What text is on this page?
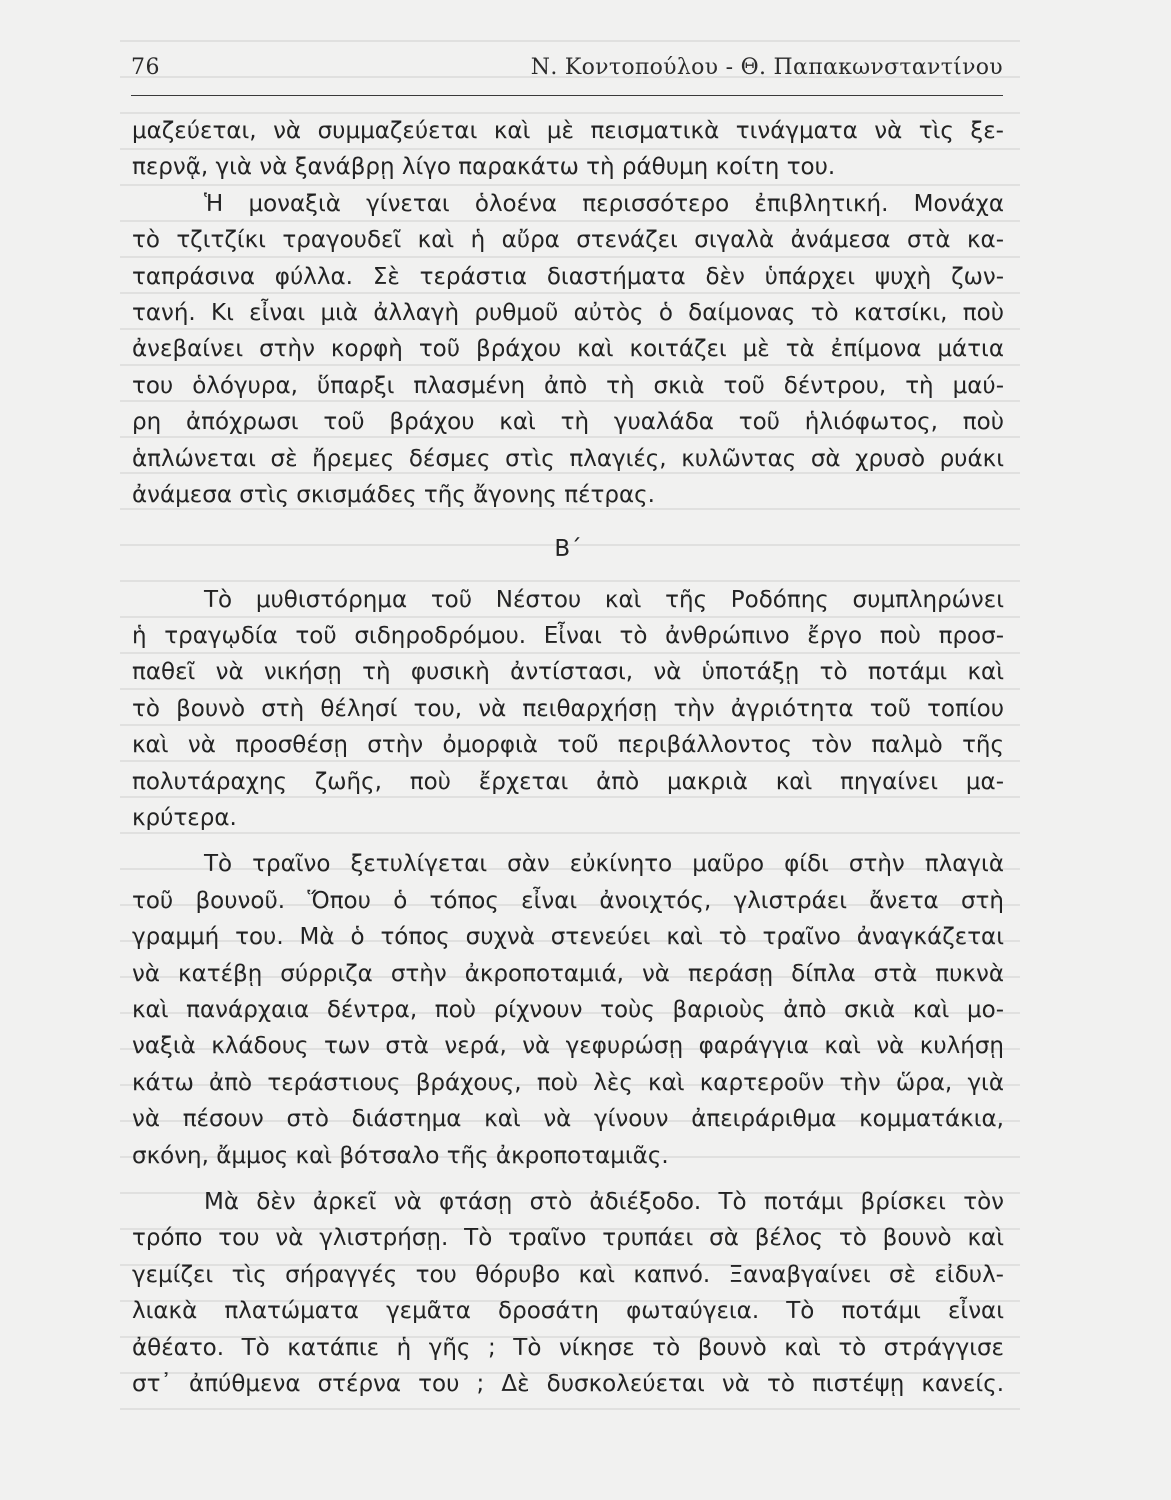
76	Ν. Κοντοπούλου - Θ. Παπακωνσταντίνου
μαζεύεται, νὰ συμμαζεύεται καὶ μὲ πεισματικὰ τινάγματα νὰ τὶς ξε-
περνᾷ, γιὰ νὰ ξανάβρῃ λίγο παρακάτω τὴ ράθυμη κοίτη του.
Ἡ μοναξιὰ γίνεται ὁλοένα περισσότερο ἐπιβλητική. Μονάχα
τὸ τζιτζίκι τραγουδεῖ καὶ ἡ αὔρα στενάζει σιγαλὰ ἀνάμεσα στὰ κα-
ταπράσινα φύλλα. Σὲ τεράστια διαστήματα δὲν ὑπάρχει ψυχὴ ζων-
τανή. Κι εἶναι μιὰ ἀλλαγὴ ρυθμοῦ αὐτὸς ὁ δαίμονας τὸ κατσίκι, ποὺ
ἀνεβαίνει στὴν κορφὴ τοῦ βράχου καὶ κοιτάζει μὲ τὰ ἐπίμονα μάτια
του ὁλόγυρα, ὕπαρξι πλασμένη ἀπὸ τὴ σκιὰ τοῦ δέντρου, τὴ μαύ-
ρη ἀπόχρωσι τοῦ βράχου καὶ τὴ γυαλάδα τοῦ ἡλιόφωτος, ποὺ
ἁπλώνεται σὲ ἤρεμες δέσμες στὶς πλαγιές, κυλῶντας σὰ χρυσὸ ρυάκι
ἀνάμεσα στὶς σκισμάδες τῆς ἄγονης πέτρας.
Β΄
Τὸ μυθιστόρημα τοῦ Νέστου καὶ τῆς Ροδόπης συμπληρώνει
ἡ τραγῳδία τοῦ σιδηροδρόμου. Εἶναι τὸ ἀνθρώπινο ἔργο ποὺ προσ-
παθεῖ νὰ νικήσῃ τὴ φυσικὴ ἀντίστασι, νὰ ὑποτάξῃ τὸ ποτάμι καὶ
τὸ βουνὸ στὴ θέλησί του, νὰ πειθαρχήσῃ τὴν ἀγριότητα τοῦ τοπίου
καὶ νὰ προσθέσῃ στὴν ὀμορφιὰ τοῦ περιβάλλοντος τὸν παλμὸ τῆς
πολυτάραχης ζωῆς, ποὺ ἔρχεται ἀπὸ μακριὰ καὶ πηγαίνει μα-
κρύτερα.
Τὸ τραῖνο ξετυλίγεται σὰν εὐκίνητο μαῦρο φίδι στὴν πλαγιὰ
τοῦ βουνοῦ. Ὅπου ὁ τόπος εἶναι ἀνοιχτός, γλιστράει ἄνετα στὴ
γραμμή του. Μὰ ὁ τόπος συχνὰ στενεύει καὶ τὸ τραῖνο ἀναγκάζεται
νὰ κατέβῃ σύρριζα στὴν ἀκροποταμιά, νὰ περάσῃ δίπλα στὰ πυκνὰ
καὶ πανάρχαια δέντρα, ποὺ ρίχνουν τοὺς βαριοὺς ἀπὸ σκιὰ καὶ μο-
ναξιὰ κλάδους των στὰ νερά, νὰ γεφυρώσῃ φαράγγια καὶ νὰ κυλήσῃ
κάτω ἀπὸ τεράστιους βράχους, ποὺ λὲς καὶ καρτεροῦν τὴν ὥρα, γιὰ
νὰ πέσουν στὸ διάστημα καὶ νὰ γίνουν ἀπειράριθμα κομματάκια,
σκόνη, ἄμμος καὶ βότσαλο τῆς ἀκροποταμιᾶς.
Μὰ δὲν ἀρκεῖ νὰ φτάσῃ στὸ ἀδιέξοδο. Τὸ ποτάμι βρίσκει τὸν
τρόπο του νὰ γλιστρήσῃ. Τὸ τραῖνο τρυπάει σὰ βέλος τὸ βουνὸ καὶ
γεμίζει τὶς σήραγγές του θόρυβο καὶ καπνό. Ξαναβγαίνει σὲ εἰδυλ-
λιακὰ πλατώματα γεμᾶτα δροσάτη φωταύγεια. Τὸ ποτάμι εἶναι
ἀθέατο. Τὸ κατάπιε ἡ γῆς ; Τὸ νίκησε τὸ βουνὸ καὶ τὸ στράγγισε
στ᾽ ἀπύθμενα στέρνα του ; Δὲ δυσκολεύεται νὰ τὸ πιστέψῃ κανείς.
